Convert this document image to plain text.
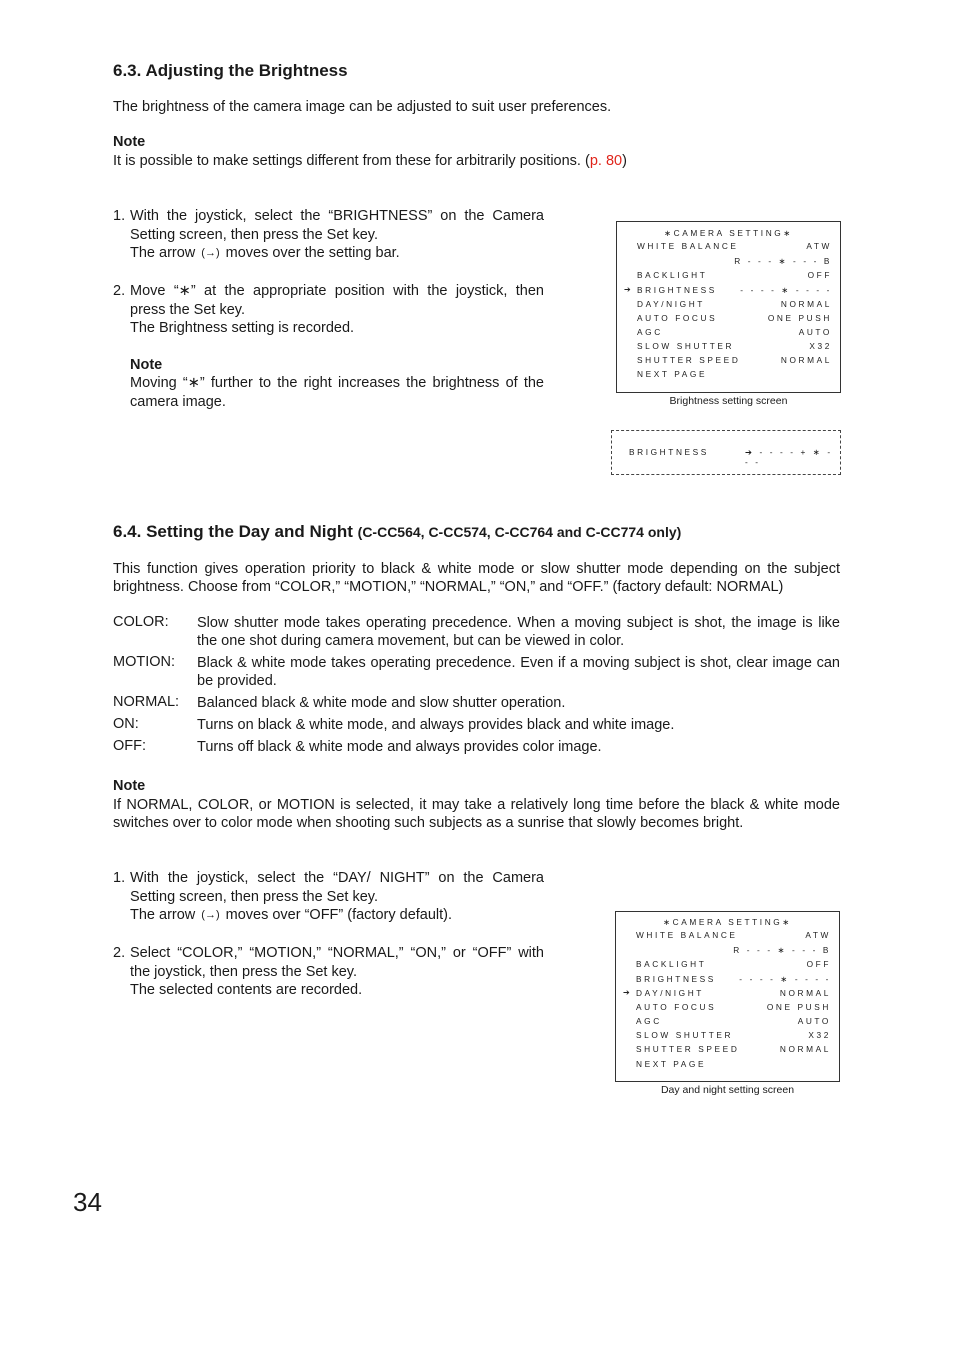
6.3. Adjusting the Brightness
The brightness of the camera image can be adjusted to suit user preferences.
Note
It is possible to make settings different from these for arbitrarily positions. (p. 80)
1. With the joystick, select the “BRIGHTNESS” on the Camera
Setting screen, then press the Set key.
The arrow (→) moves over the setting bar.
2. Move “∗” at the appropriate position with the joystick, then
press the Set key.
The Brightness setting is recorded.
Note
Moving “∗” further to the right increases the brightness of the
camera image.
∗CAMERA SETTING∗
WHITE BALANCE	ATW
R - - - ∗ - - - B
BACKLIGHT	OFF
➔ BRIGHTNESS	- - - - ∗ - - - -
DAY/NIGHT	NORMAL
AUTO FOCUS	ONE PUSH
AGC	AUTO
SLOW SHUTTER	X32
SHUTTER SPEED	NORMAL
NEXT PAGE
Brightness setting screen
BRIGHTNESS	➔ - - - - + ∗ - - -
6.4. Setting the Day and Night (C-CC564, C-CC574, C-CC764 and C-CC774 only)
This function gives operation priority to black & white mode or slow shutter mode depending on the subject
brightness. Choose from “COLOR,” “MOTION,” “NORMAL,” “ON,” and “OFF.” (factory default: NORMAL)
COLOR: Slow shutter mode takes operating precedence. When a moving subject is shot, the image is like the one shot during camera movement, but can be viewed in color.
MOTION: Black & white mode takes operating precedence. Even if a moving subject is shot, clear image can be provided.
NORMAL: Balanced black & white mode and slow shutter operation.
ON:	Turns on black & white mode, and always provides black and white image.
OFF:	Turns off black & white mode and always provides color image.
Note
If NORMAL, COLOR, or MOTION is selected, it may take a relatively long time before the black & white mode
switches over to color mode when shooting such subjects as a sunrise that slowly becomes bright.
1. With the joystick, select the “DAY/ NIGHT” on the Camera
Setting screen, then press the Set key.
The arrow (→) moves over “OFF” (factory default).
2. Select “COLOR,” “MOTION,” “NORMAL,” “ON,” or “OFF” with
the joystick, then press the Set key.
The selected contents are recorded.
∗CAMERA SETTING∗
WHITE BALANCE	ATW
R - - - ∗ - - - B
BACKLIGHT	OFF
BRIGHTNESS	- - - - ∗ - - - -
➔ DAY/NIGHT	NORMAL
AUTO FOCUS	ONE PUSH
AGC	AUTO
SLOW SHUTTER	X32
SHUTTER SPEED	NORMAL
NEXT PAGE
Day and night setting screen
34
